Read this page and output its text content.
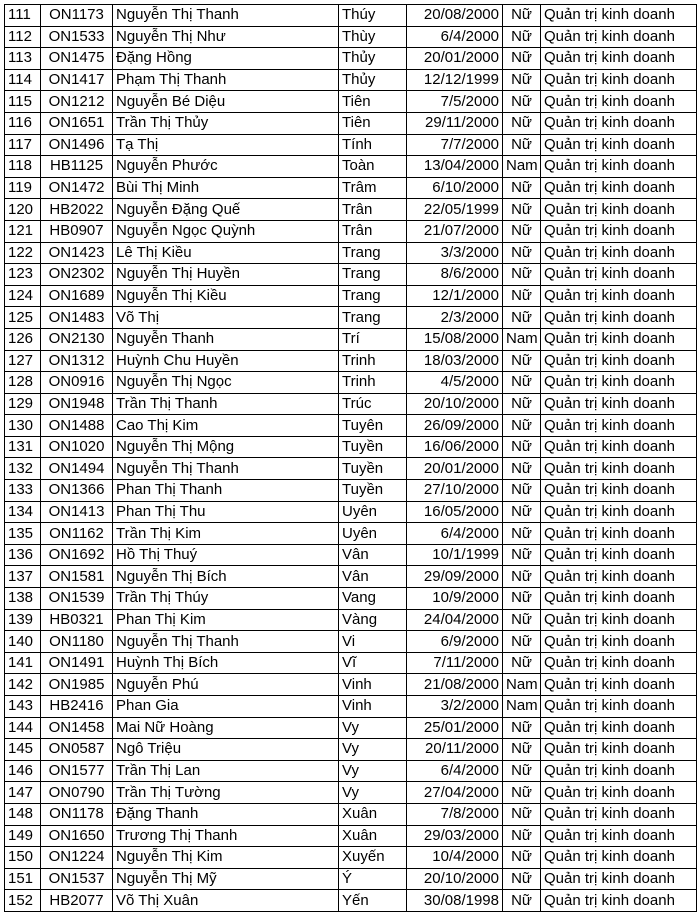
111	ON1173	Nguyễn Thị Thanh	Thúy	20/08/2000	Nữ	Quản trị kinh doanh
112	ON1533	Nguyễn Thị Như	Thùy	6/4/2000	Nữ	Quản trị kinh doanh
113	ON1475	Đặng Hồng	Thủy	20/01/2000	Nữ	Quản trị kinh doanh
114	ON1417	Phạm Thị Thanh	Thủy	12/12/1999	Nữ	Quản trị kinh doanh
115	ON1212	Nguyễn Bé Diệu	Tiên	7/5/2000	Nữ	Quản trị kinh doanh
116	ON1651	Trần Thị Thủy	Tiên	29/11/2000	Nữ	Quản trị kinh doanh
117	ON1496	Tạ Thị	Tính	7/7/2000	Nữ	Quản trị kinh doanh
118	HB1125	Nguyễn Phước	Toàn	13/04/2000	Nam	Quản trị kinh doanh
119	ON1472	Bùi Thị Minh	Trâm	6/10/2000	Nữ	Quản trị kinh doanh
120	HB2022	Nguyễn Đặng Quế	Trân	22/05/1999	Nữ	Quản trị kinh doanh
121	HB0907	Nguyễn Ngọc Quỳnh	Trân	21/07/2000	Nữ	Quản trị kinh doanh
122	ON1423	Lê Thị Kiều	Trang	3/3/2000	Nữ	Quản trị kinh doanh
123	ON2302	Nguyễn Thị Huyền	Trang	8/6/2000	Nữ	Quản trị kinh doanh
124	ON1689	Nguyễn Thị Kiều	Trang	12/1/2000	Nữ	Quản trị kinh doanh
125	ON1483	Võ Thị	Trang	2/3/2000	Nữ	Quản trị kinh doanh
126	ON2130	Nguyễn Thanh	Trí	15/08/2000	Nam	Quản trị kinh doanh
127	ON1312	Huỳnh Chu Huyền	Trinh	18/03/2000	Nữ	Quản trị kinh doanh
128	ON0916	Nguyễn Thị Ngọc	Trinh	4/5/2000	Nữ	Quản trị kinh doanh
129	ON1948	Trần Thị Thanh	Trúc	20/10/2000	Nữ	Quản trị kinh doanh
130	ON1488	Cao Thị Kim	Tuyên	26/09/2000	Nữ	Quản trị kinh doanh
131	ON1020	Nguyễn Thị Mộng	Tuyền	16/06/2000	Nữ	Quản trị kinh doanh
132	ON1494	Nguyễn Thị Thanh	Tuyền	20/01/2000	Nữ	Quản trị kinh doanh
133	ON1366	Phan Thị Thanh	Tuyền	27/10/2000	Nữ	Quản trị kinh doanh
134	ON1413	Phan Thị Thu	Uyên	16/05/2000	Nữ	Quản trị kinh doanh
135	ON1162	Trần Thị Kim	Uyên	6/4/2000	Nữ	Quản trị kinh doanh
136	ON1692	Hồ Thị Thuý	Vân	10/1/1999	Nữ	Quản trị kinh doanh
137	ON1581	Nguyễn Thị Bích	Vân	29/09/2000	Nữ	Quản trị kinh doanh
138	ON1539	Trần Thị Thúy	Vang	10/9/2000	Nữ	Quản trị kinh doanh
139	HB0321	Phan Thị Kim	Vàng	24/04/2000	Nữ	Quản trị kinh doanh
140	ON1180	Nguyễn Thị Thanh	Vi	6/9/2000	Nữ	Quản trị kinh doanh
141	ON1491	Huỳnh Thị Bích	Vĩ	7/11/2000	Nữ	Quản trị kinh doanh
142	ON1985	Nguyễn Phú	Vinh	21/08/2000	Nam	Quản trị kinh doanh
143	HB2416	Phan Gia	Vinh	3/2/2000	Nam	Quản trị kinh doanh
144	ON1458	Mai Nữ Hoàng	Vy	25/01/2000	Nữ	Quản trị kinh doanh
145	ON0587	Ngô Triệu	Vy	20/11/2000	Nữ	Quản trị kinh doanh
146	ON1577	Trần Thị Lan	Vy	6/4/2000	Nữ	Quản trị kinh doanh
147	ON0790	Trần Thị Tường	Vy	27/04/2000	Nữ	Quản trị kinh doanh
148	ON1178	Đặng Thanh	Xuân	7/8/2000	Nữ	Quản trị kinh doanh
149	ON1650	Trương Thị Thanh	Xuân	29/03/2000	Nữ	Quản trị kinh doanh
150	ON1224	Nguyễn Thị Kim	Xuyến	10/4/2000	Nữ	Quản trị kinh doanh
151	ON1537	Nguyễn Thị Mỹ	Ý	20/10/2000	Nữ	Quản trị kinh doanh
152	HB2077	Võ Thị Xuân	Yến	30/08/1998	Nữ	Quản trị kinh doanh
